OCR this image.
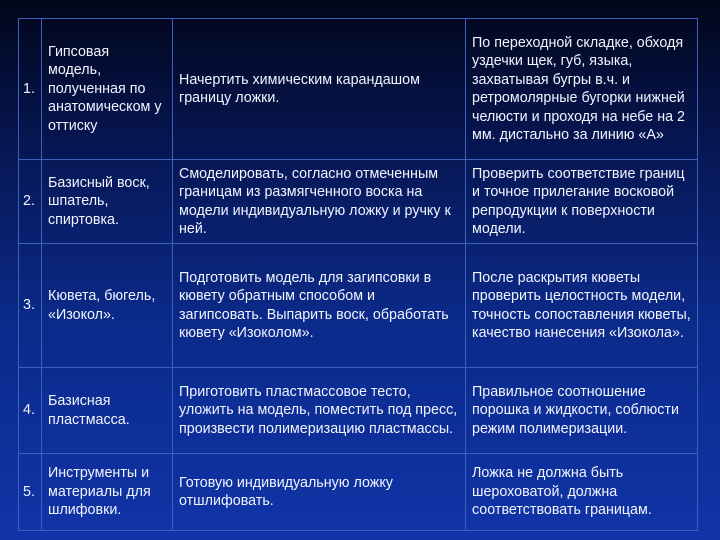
1.	Гипсовая модель, полученная по анатомическом у оттиску	Начертить химическим карандашом границу ложки.	По переходной складке, обходя уздечки щек, губ, языка, захватывая бугры в.ч. и ретромолярные бугорки нижней челюсти и проходя на небе на 2 мм. дистально за линию «А»
2.	Базисный воск, шпатель, спиртовка.	Смоделировать, согласно отмеченным границам из размягченного воска на модели индивидуальную ложку и ручку к ней.	Проверить соответствие границ и точное прилегание восковой репродукции к поверхности модели.
3.	Кювета, бюгель, «Изокол».	Подготовить модель для загипсовки в кювету обратным способом и загипсовать. Выпарить воск, обработать кювету «Изоколом».	После раскрытия кюветы проверить целостность модели, точность сопоставления кюветы, качество нанесения «Изокола».
4.	Базисная пластмасса.	Приготовить пластмассовое тесто, уложить на модель, поместить под пресс, произвести полимеризацию пластмассы.	Правильное соотношение порошка и жидкости, соблюсти режим полимеризации.
5.	Инструменты и материалы для шлифовки.	Готовую индивидуальную ложку отшлифовать.	Ложка не должна быть шероховатой, должна соответствовать границам.
